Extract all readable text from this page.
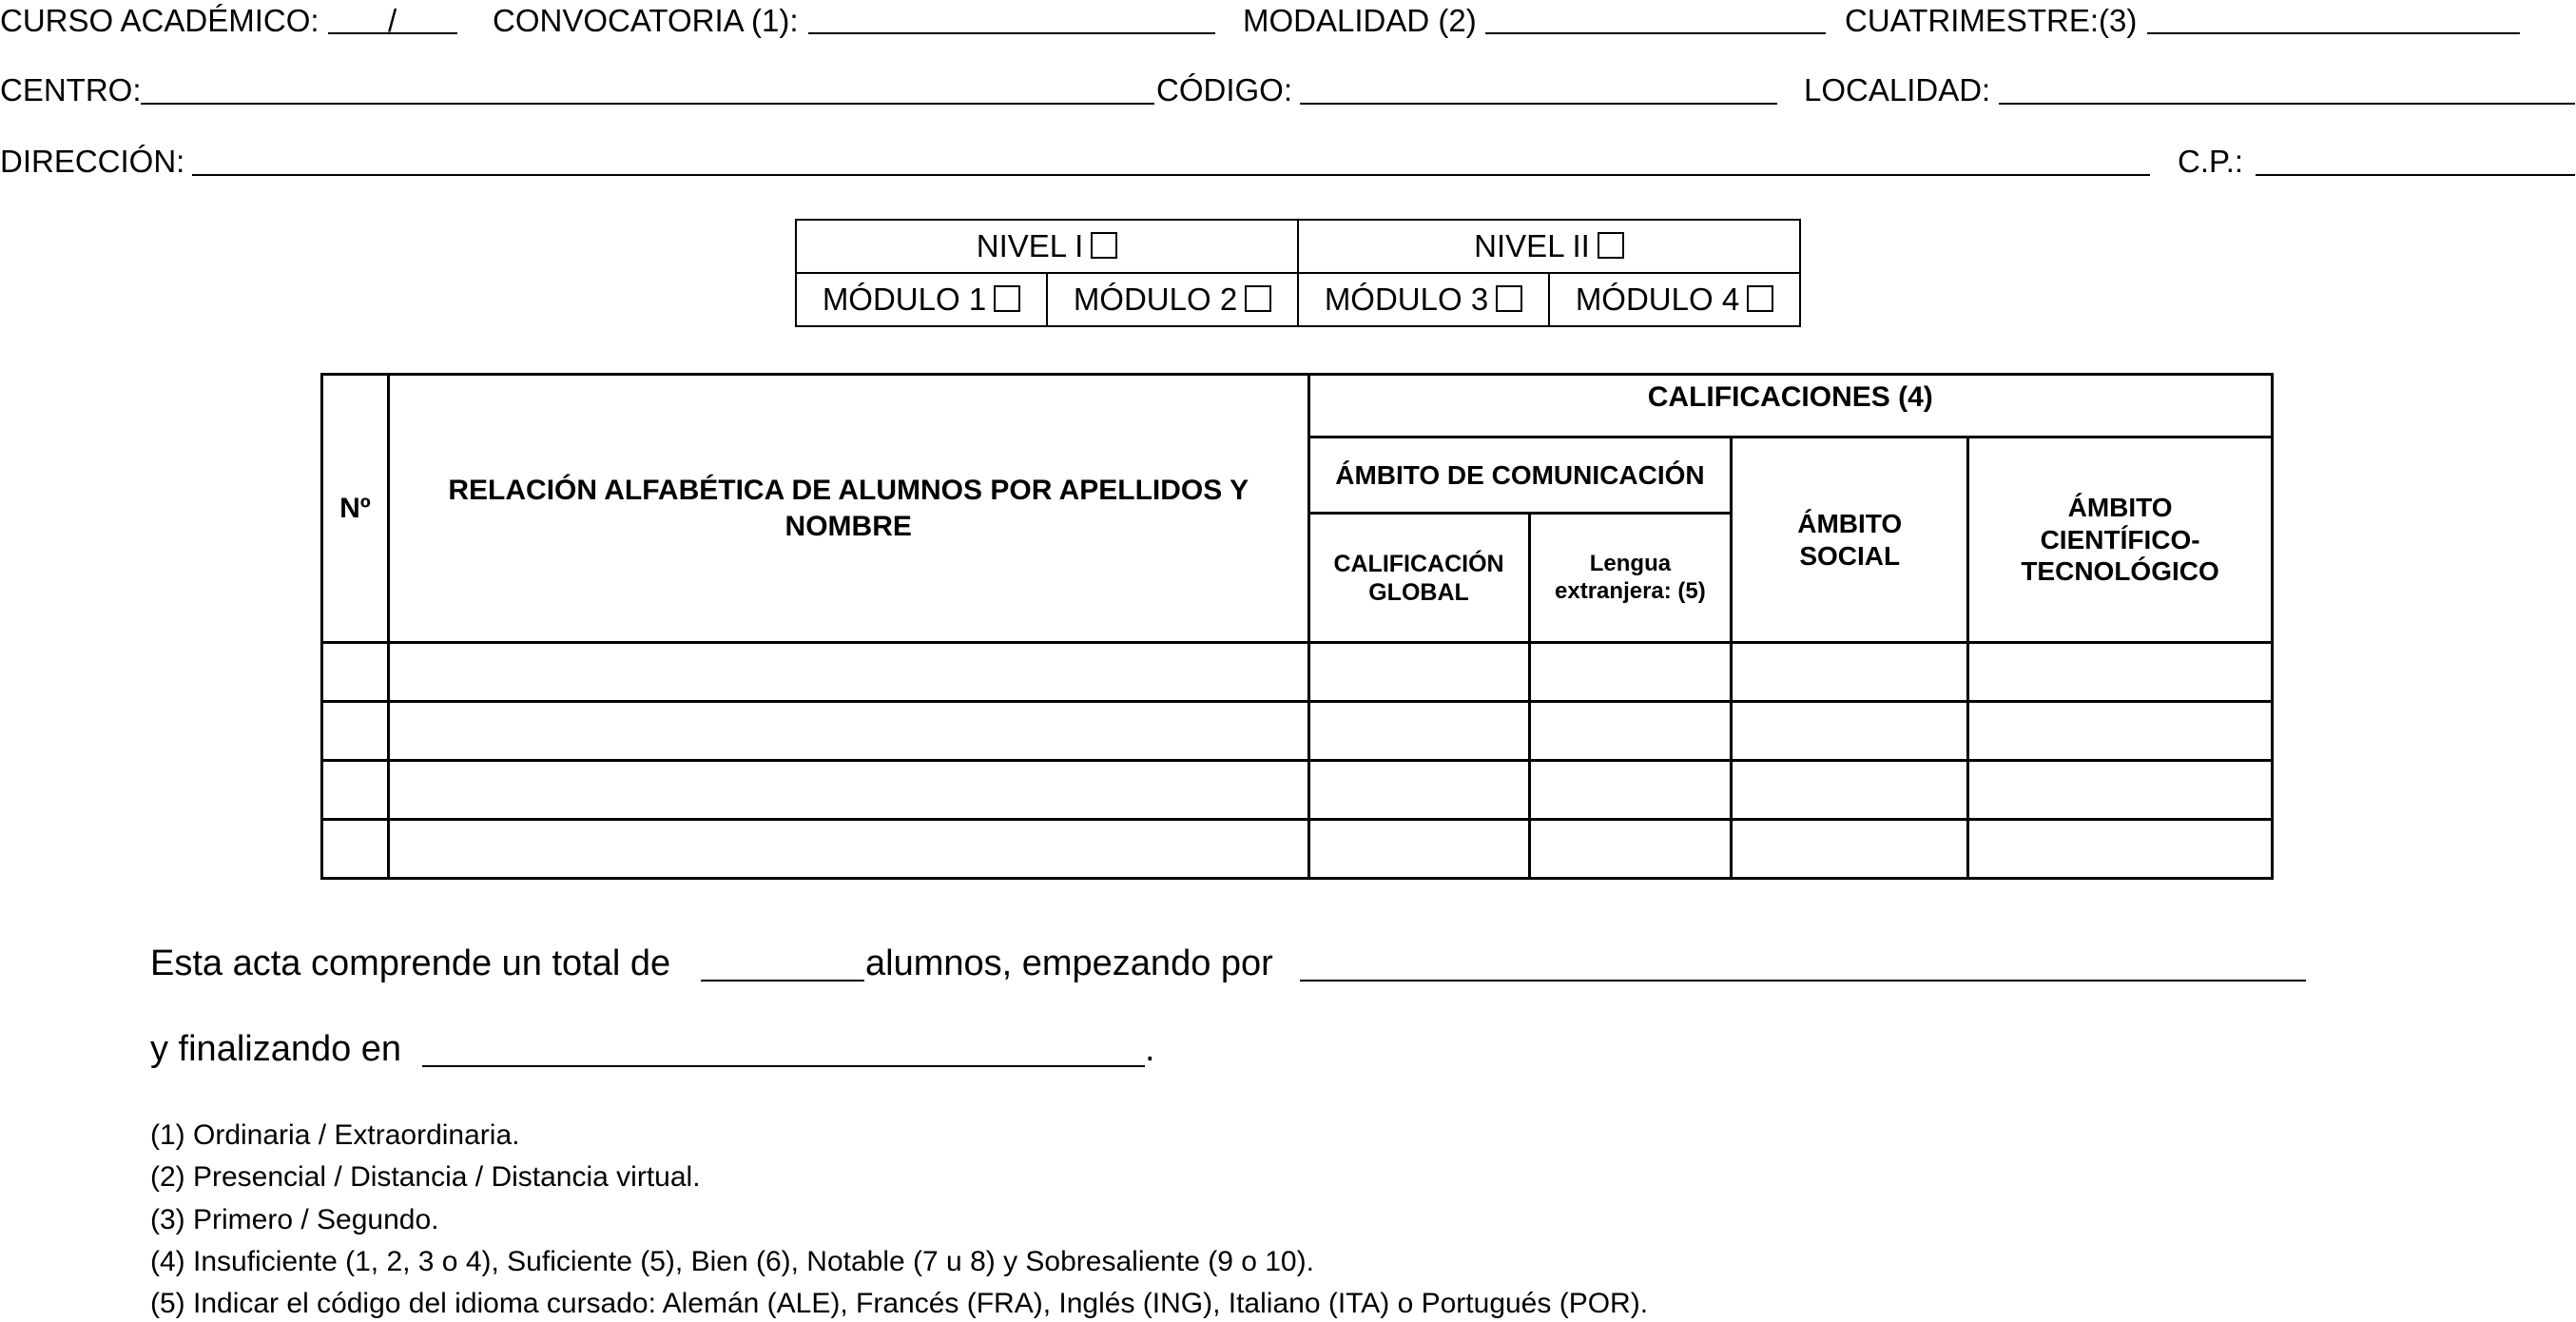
CURSO ACADÉMICO: /	CONVOCATORIA (1):	MODALIDAD (2)	CUATRIMESTRE:(3)
CENTRO:	CÓDIGO:	LOCALIDAD:
DIRECCIÓN:	C.P.:
NIVEL I		NIVEL II	
MÓDULO 1	MÓDULO 2	MÓDULO 3	MÓDULO 4
Nº	RELACIÓN ALFABÉTICA DE ALUMNOS POR APELLIDOS Y NOMBRE	CALIFICACIONES (4)			
		ÁMBITO DE COMUNICACIÓN		ÁMBITO SOCIAL	ÁMBITO CIENTÍFICO-TECNOLÓGICO
		CALIFICACIÓN GLOBAL	Lengua extranjera: (5)		

Esta acta comprende un total de	alumnos, empezando por
y finalizando en	.
(1) Ordinaria / Extraordinaria.
(2) Presencial / Distancia / Distancia virtual.
(3) Primero / Segundo.
(4) Insuficiente (1, 2, 3 o 4), Suficiente (5), Bien (6), Notable (7 u 8) y Sobresaliente (9 o 10).
(5) Indicar el código del idioma cursado: Alemán (ALE), Francés (FRA), Inglés (ING), Italiano (ITA) o Portugués (POR).
